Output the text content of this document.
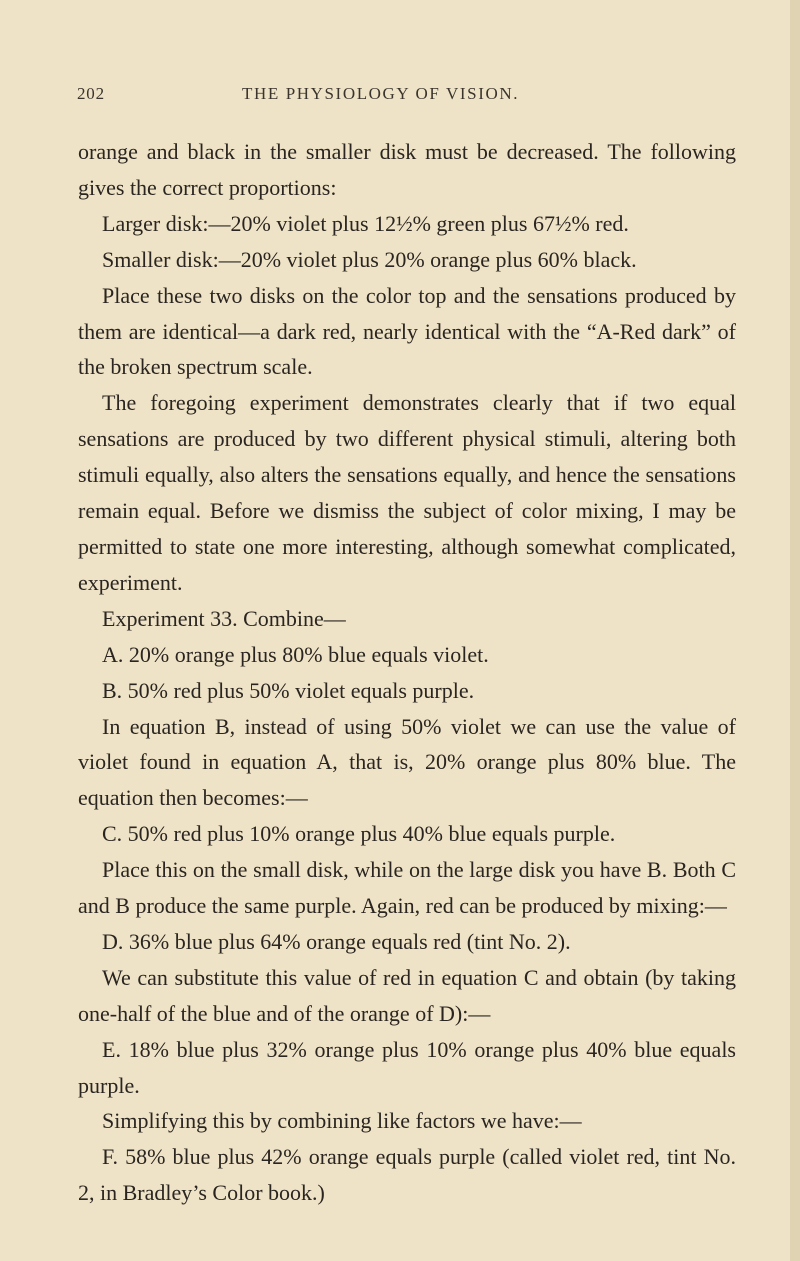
202	THE PHYSIOLOGY OF VISION.

orange and black in the smaller disk must be decreased. The following gives the correct proportions:

Larger disk:—20% violet plus 12½% green plus 67½% red.

Smaller disk:—20% violet plus 20% orange plus 60% black.

Place these two disks on the color top and the sensations produced by them are identical—a dark red, nearly identical with the “A-Red dark” of the broken spectrum scale.

The foregoing experiment demonstrates clearly that if two equal sensations are produced by two different physical stimuli, altering both stimuli equally, also alters the sensations equally, and hence the sensations remain equal. Before we dismiss the subject of color mixing, I may be permitted to state one more interesting, although somewhat complicated, experiment.

Experiment 33. Combine—

A. 20% orange plus 80% blue equals violet.

B. 50% red plus 50% violet equals purple.

In equation B, instead of using 50% violet we can use the value of violet found in equation A, that is, 20% orange plus 80% blue. The equation then becomes:—

C. 50% red plus 10% orange plus 40% blue equals purple.

Place this on the small disk, while on the large disk you have B. Both C and B produce the same purple. Again, red can be produced by mixing:—

D. 36% blue plus 64% orange equals red (tint No. 2).

We can substitute this value of red in equation C and obtain (by taking one-half of the blue and of the orange of D):—

E. 18% blue plus 32% orange plus 10% orange plus 40% blue equals purple.

Simplifying this by combining like factors we have:—

F. 58% blue plus 42% orange equals purple (called violet red, tint No. 2, in Bradley’s Color book.)
